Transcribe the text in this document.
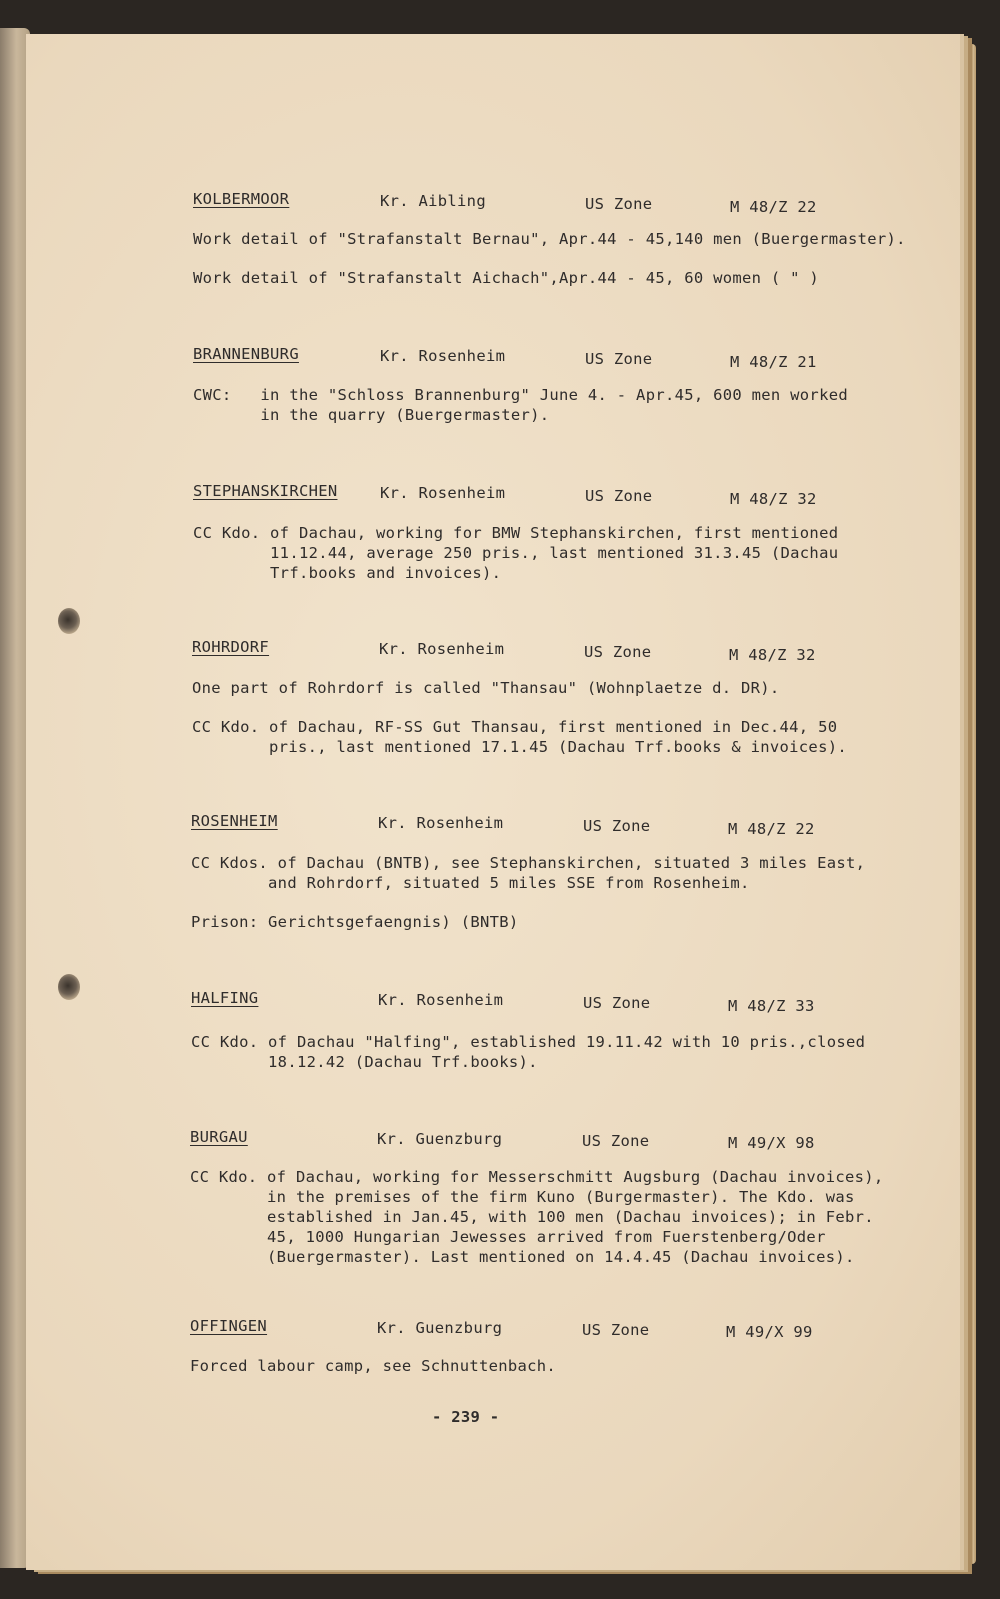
KOLBERMOOR	Kr. Aibling	US Zone	M 48/Z 22
Work detail of "Strafanstalt Bernau", Apr.44 - 45,140 men (Buergermaster).
Work detail of "Strafanstalt Aichach",Apr.44 - 45, 60 women ( " )
BRANNENBURG	Kr. Rosenheim	US Zone	M 48/Z 21
CWC:   in the "Schloss Brannenburg" June 4. - Apr.45, 600 men worked
in the quarry (Buergermaster).
STEPHANSKIRCHEN	Kr. Rosenheim	US Zone	M 48/Z 32
CC Kdo. of Dachau, working for BMW Stephanskirchen, first mentioned
11.12.44, average 250 pris., last mentioned 31.3.45 (Dachau
Trf.books and invoices).
ROHRDORF	Kr. Rosenheim	US Zone	M 48/Z 32
One part of Rohrdorf is called "Thansau" (Wohnplaetze d. DR).
CC Kdo. of Dachau, RF-SS Gut Thansau, first mentioned in Dec.44, 50
pris., last mentioned 17.1.45 (Dachau Trf.books & invoices).
ROSENHEIM	Kr. Rosenheim	US Zone	M 48/Z 22
CC Kdos. of Dachau (BNTB), see Stephanskirchen, situated 3 miles East,
and Rohrdorf, situated 5 miles SSE from Rosenheim.
Prison: Gerichtsgefaengnis) (BNTB)
HALFING	Kr. Rosenheim	US Zone	M 48/Z 33
CC Kdo. of Dachau "Halfing", established 19.11.42 with 10 pris.,closed
18.12.42 (Dachau Trf.books).
BURGAU	Kr. Guenzburg	US Zone	M 49/X 98
CC Kdo. of Dachau, working for Messerschmitt Augsburg (Dachau invoices),
in the premises of the firm Kuno (Burgermaster). The Kdo. was
established in Jan.45, with 100 men (Dachau invoices); in Febr.
45, 1000 Hungarian Jewesses arrived from Fuerstenberg/Oder
(Buergermaster). Last mentioned on 14.4.45 (Dachau invoices).
OFFINGEN	Kr. Guenzburg	US Zone	M 49/X 99
Forced labour camp, see Schnuttenbach.
- 239 -
